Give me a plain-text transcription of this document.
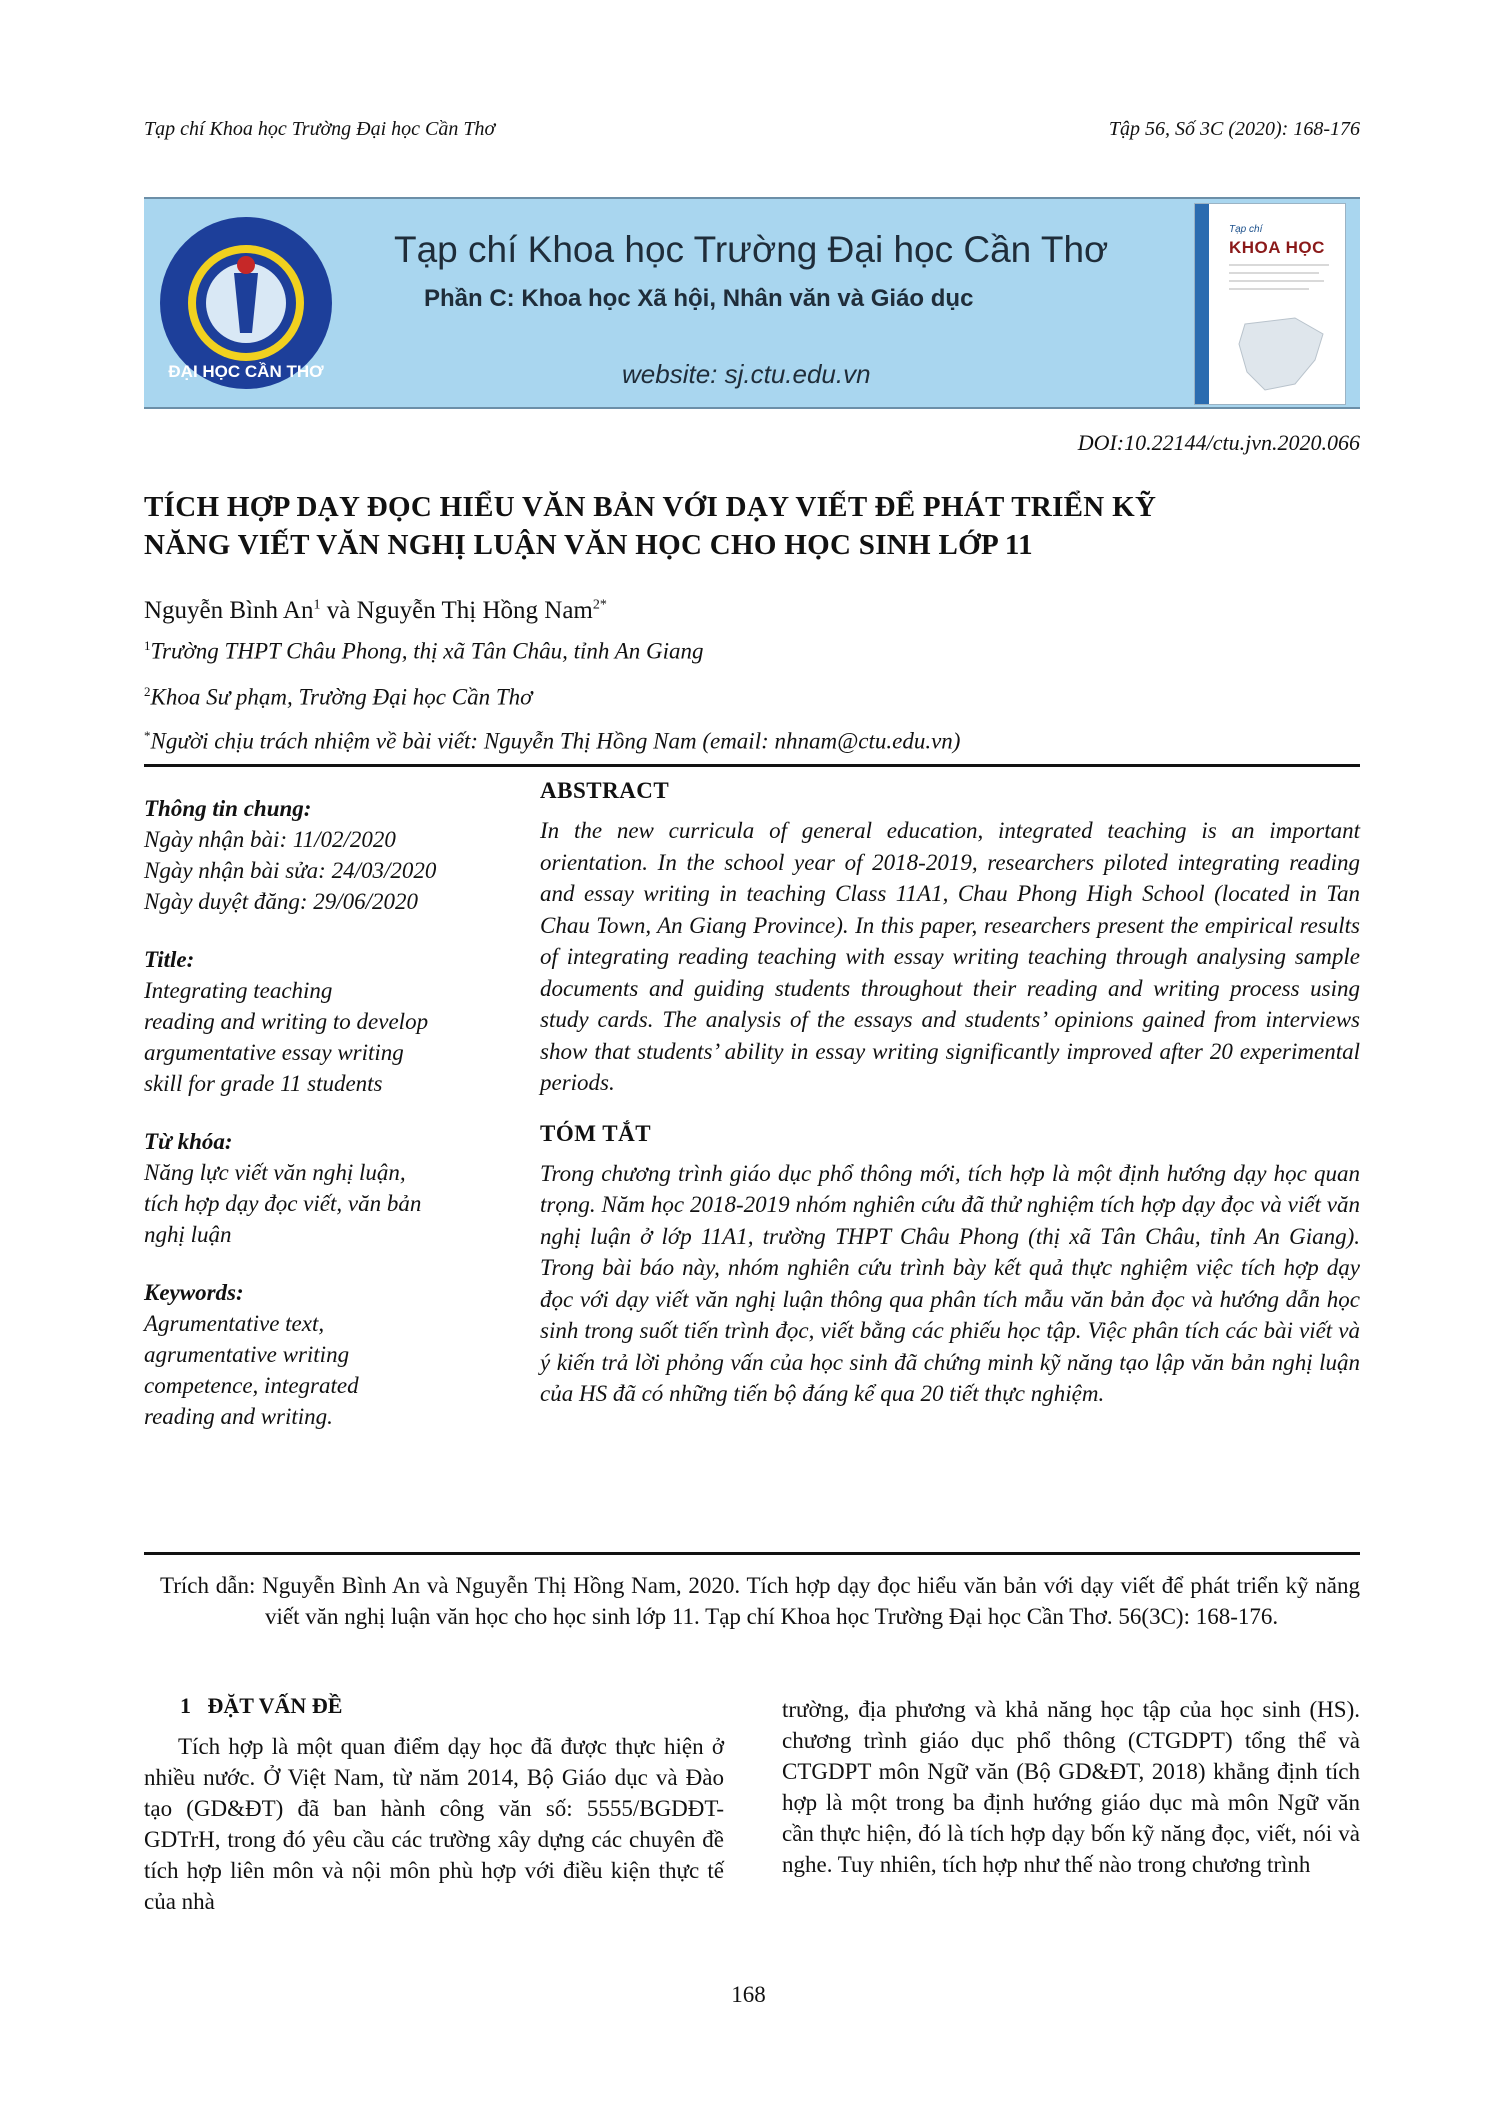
Tạp chí Khoa học Trường Đại học Cần Thơ	Tập 56, Số 3C (2020): 168-176
ĐẠI HỌC CẦN THƠ
Tạp chí Khoa học Trường Đại học Cần Thơ
Phần C: Khoa học Xã hội, Nhân văn và Giáo dục
website: sj.ctu.edu.vn
Tạp chí
KHOA HỌC
DOI:10.22144/ctu.jvn.2020.066
TÍCH HỢP DẠY ĐỌC HIỂU VĂN BẢN VỚI DẠY VIẾT ĐỂ PHÁT TRIỂN KỸ
NĂNG VIẾT VĂN NGHỊ LUẬN VĂN HỌC CHO HỌC SINH LỚP 11
Nguyễn Bình An$^1$ và Nguyễn Thị Hồng Nam$^{2*}$
$^1$Trường THPT Châu Phong, thị xã Tân Châu, tỉnh An Giang
$^2$Khoa Sư phạm, Trường Đại học Cần Thơ
*Người chịu trách nhiệm về bài viết: Nguyễn Thị Hồng Nam (email: nhnam@ctu.edu.vn)
Thông tin chung:
Ngày nhận bài: 11/02/2020
Ngày nhận bài sửa: 24/03/2020
Ngày duyệt đăng: 29/06/2020
Title:
Integrating teaching
reading and writing to develop
argumentative essay writing
skill for grade 11 students
Từ khóa:
Năng lực viết văn nghị luận,
tích hợp dạy đọc viết, văn bản
nghị luận
Keywords:
Agrumentative text,
agrumentative writing
competence, integrated
reading and writing.
ABSTRACT
In the new curricula of general education, integrated teaching is an important orientation. In the school year of 2018-2019, researchers piloted integrating reading and essay writing in teaching Class 11A1, Chau Phong High School (located in Tan Chau Town, An Giang Province). In this paper, researchers present the empirical results of integrating reading teaching with essay writing teaching through analysing sample documents and guiding students throughout their reading and writing process using study cards. The analysis of the essays and students’ opinions gained from interviews show that students’ ability in essay writing significantly improved after 20 experimental periods.
TÓM TẮT
Trong chương trình giáo dục phổ thông mới, tích hợp là một định hướng dạy học quan trọng. Năm học 2018-2019 nhóm nghiên cứu đã thử nghiệm tích hợp dạy đọc và viết văn nghị luận ở lớp 11A1, trường THPT Châu Phong (thị xã Tân Châu, tỉnh An Giang). Trong bài báo này, nhóm nghiên cứu trình bày kết quả thực nghiệm việc tích hợp dạy đọc với dạy viết văn nghị luận thông qua phân tích mẫu văn bản đọc và hướng dẫn học sinh trong suốt tiến trình đọc, viết bằng các phiếu học tập. Việc phân tích các bài viết và ý kiến trả lời phỏng vấn của học sinh đã chứng minh kỹ năng tạo lập văn bản nghị luận của HS đã có những tiến bộ đáng kể qua 20 tiết thực nghiệm.
Trích dẫn: Nguyễn Bình An và Nguyễn Thị Hồng Nam, 2020. Tích hợp dạy đọc hiểu văn bản với dạy viết để phát triển kỹ năng viết văn nghị luận văn học cho học sinh lớp 11. Tạp chí Khoa học Trường Đại học Cần Thơ. 56(3C): 168-176.
1   ĐẶT VẤN ĐỀ
Tích hợp là một quan điểm dạy học đã được thực hiện ở nhiều nước. Ở Việt Nam, từ năm 2014, Bộ Giáo dục và Đào tạo (GD&ĐT) đã ban hành công văn số: 5555/BGDĐT-GDTrH, trong đó yêu cầu các trường xây dựng các chuyên đề tích hợp liên môn và nội môn phù hợp với điều kiện thực tế của nhà
trường, địa phương và khả năng học tập của học sinh (HS). chương trình giáo dục phổ thông (CTGDPT) tổng thể và CTGDPT môn Ngữ văn (Bộ GD&ĐT, 2018) khẳng định tích hợp là một trong ba định hướng giáo dục mà môn Ngữ văn cần thực hiện, đó là tích hợp dạy bốn kỹ năng đọc, viết, nói và nghe. Tuy nhiên, tích hợp như thế nào trong chương trình
168
